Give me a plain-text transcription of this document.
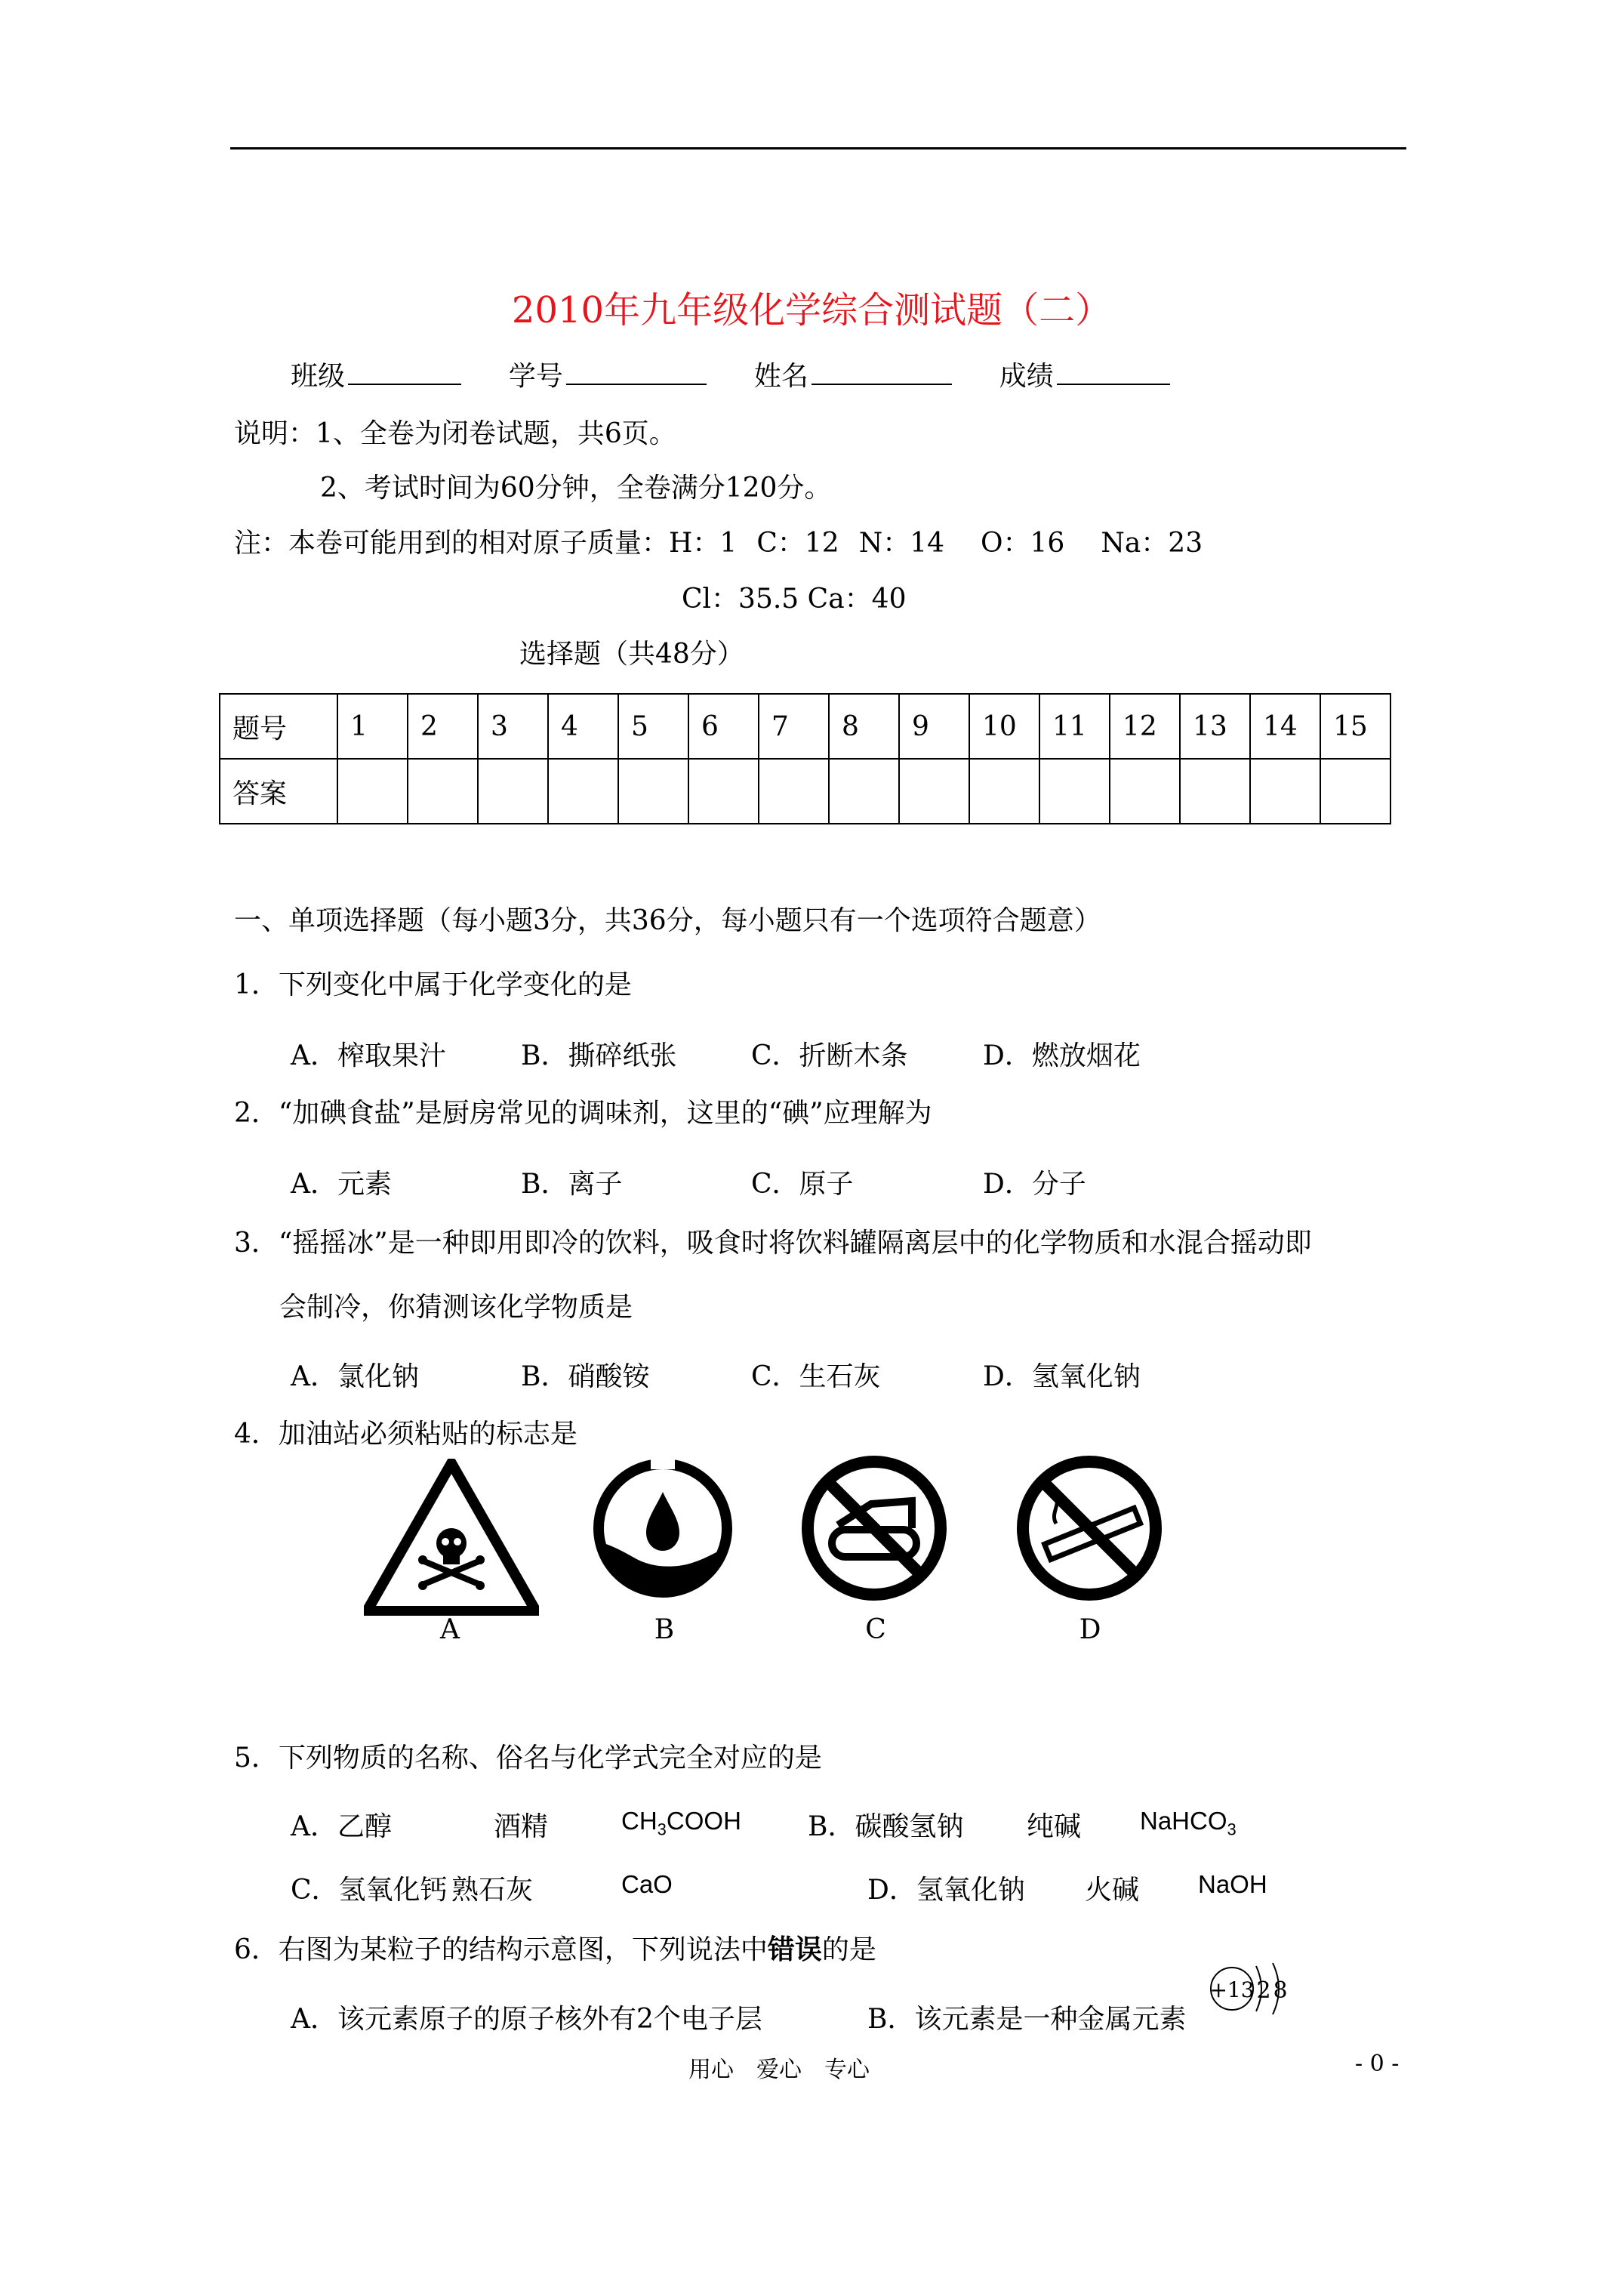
2010年九年级化学综合测试题（二）
班级	学号	姓名	成绩
说明：1、全卷为闭卷试题，共6页。
2、考试时间为60分钟，全卷满分120分。
注：本卷可能用到的相对原子质量：H：1 C：12 N：14 O：16 Na：23
Cl：35.5 Ca：40
选择题（共48分）
题号	1	2	3	4	5	6	7	8	9	10	11	12	13	14	15
答案															
一、单项选择题（每小题3分，共36分，每小题只有一个选项符合题意）
1．下列变化中属于化学变化的是
A．榨取果汁	B．撕碎纸张	C．折断木条	D．燃放烟花
2．“加碘食盐”是厨房常见的调味剂，这里的“碘”应理解为
A．元素	B．离子	C．原子	D．分子
3．“摇摇冰”是一种即用即冷的饮料，吸食时将饮料罐隔离层中的化学物质和水混合摇动即
会制冷，你猜测该化学物质是
A．氯化钠	B．硝酸铵	C．生石灰	D．氢氧化钠
4．加油站必须粘贴的标志是
A	B	C	D
5．下列物质的名称、俗名与化学式完全对应的是
A．乙醇	酒精	$CH_3COOH$ B．碳酸氢钠 纯碱 NaHCO$_3$
C．氢氧化钙 熟石灰	CaO	D．氢氧化钠 火碱 NaOH
6．右图为某粒子的结构示意图，下列说法中错误的是
A．该元素原子的原子核外有2个电子层	B．该元素是一种金属元素
+13 2 8
用心　爱心　专心	- 0 -
